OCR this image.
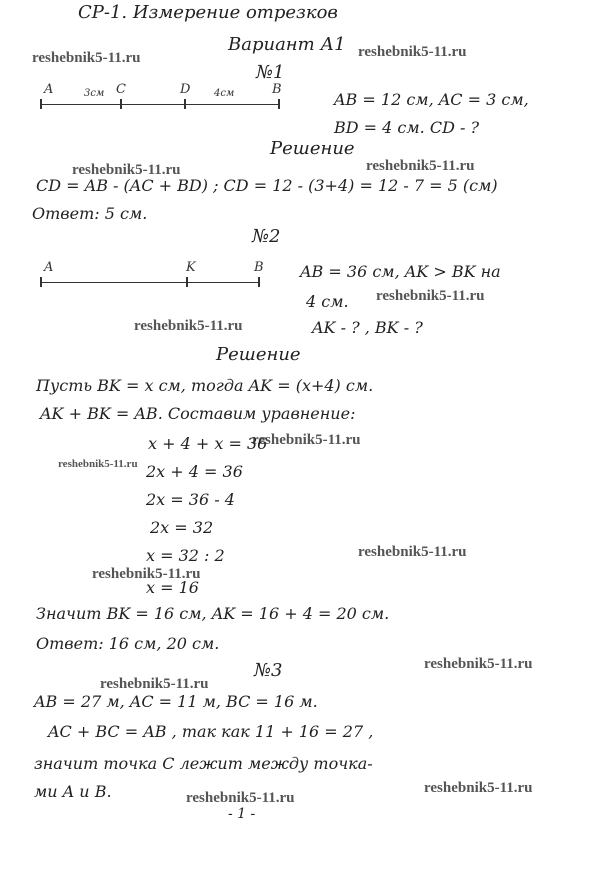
СР-1. Измерение отрезков
Вариант А1
reshebnik5-11.ru	reshebnik5-11.ru
reshebnik5-11.ru	reshebnik5-11.ru
reshebnik5-11.ru
reshebnik5-11.ru
reshebnik5-11.ru
reshebnik5-11.ru
reshebnik5-11.ru
reshebnik5-11.ru
reshebnik5-11.ru
reshebnik5-11.ru
reshebnik5-11.ru
reshebnik5-11.ru
№1
A	C	D	B
3см	4см	AB = 12 см, AC = 3 см,
BD = 4 см. CD - ?
Решение
CD = AB - (AC + BD) ; CD = 12 - (3+4) = 12 - 7 = 5 (см)
Ответ: 5 см.
№2
A	K	B AB = 36 см, AK > BK на
4 см.
AK - ? , BK - ?
Решение
Пусть BK = x см, тогда AK = (x+4) см.
AK + BK = AB. Составим уравнение:
x + 4 + x = 36
2x + 4 = 36
2x = 36 - 4
2x = 32
x = 32 : 2
x = 16
Значит BK = 16 см, AK = 16 + 4 = 20 см.
Ответ: 16 см, 20 см.
№3
AB = 27 м, AC = 11 м, BC = 16 м.
AC + BC = AB , так как 11 + 16 = 27 ,
значит точка C лежит между точка-
ми A и B.
- 1 -
